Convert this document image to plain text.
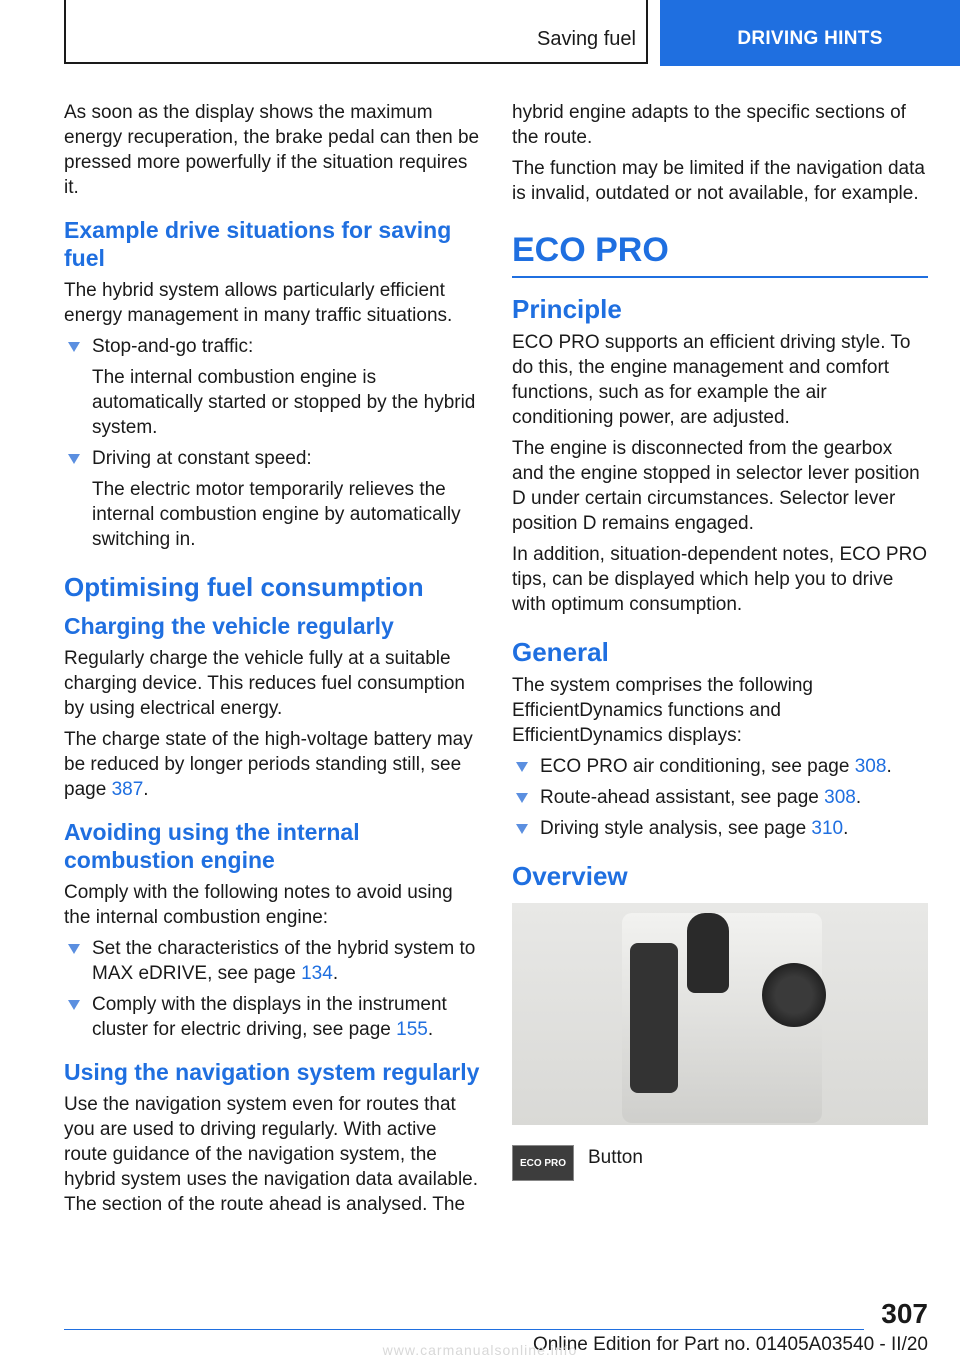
Saving fuel	DRIVING HINTS

As soon as the display shows the maximum energy recuperation, the brake pedal can then be pressed more powerfully if the situation requires it.

Example drive situations for saving fuel

The hybrid system allows particularly efficient energy management in many traffic situations.

Stop-and-go traffic:
The internal combustion engine is automatically started or stopped by the hybrid system.
Driving at constant speed:
The electric motor temporarily relieves the internal combustion engine by automatically switching in.
Optimising fuel consumption
Charging the vehicle regularly

Regularly charge the vehicle fully at a suitable charging device. This reduces fuel consumption by using electrical energy.

The charge state of the high-voltage battery may be reduced by longer periods standing still, see page 387.

Avoiding using the internal combustion engine

Comply with the following notes to avoid using the internal combustion engine:

Set the characteristics of the hybrid system to MAX eDRIVE, see page 134.
Comply with the displays in the instrument cluster for electric driving, see page 155.
Using the navigation system regularly

Use the navigation system even for routes that you are used to driving regularly. With active route guidance of the navigation system, the hybrid system uses the navigation data available. The section of the route ahead is analysed. The

hybrid engine adapts to the specific sections of the route.

The function may be limited if the navigation data is invalid, outdated or not available, for example.

ECO PRO
Principle

ECO PRO supports an efficient driving style. To do this, the engine management and comfort functions, such as for example the air conditioning power, are adjusted.

The engine is disconnected from the gearbox and the engine stopped in selector lever position D under certain circumstances. Selector lever position D remains engaged.

In addition, situation-dependent notes, ECO PRO tips, can be displayed which help you to drive with optimum consumption.

General

The system comprises the following EfficientDynamics functions and EfficientDynamics displays:

ECO PRO air conditioning, see page 308.
Route-ahead assistant, see page 308.
Driving style analysis, see page 310.
Overview
ECO PRO	Button
307
Online Edition for Part no. 01405A03540 - II/20
www.carmanualsonline.info
